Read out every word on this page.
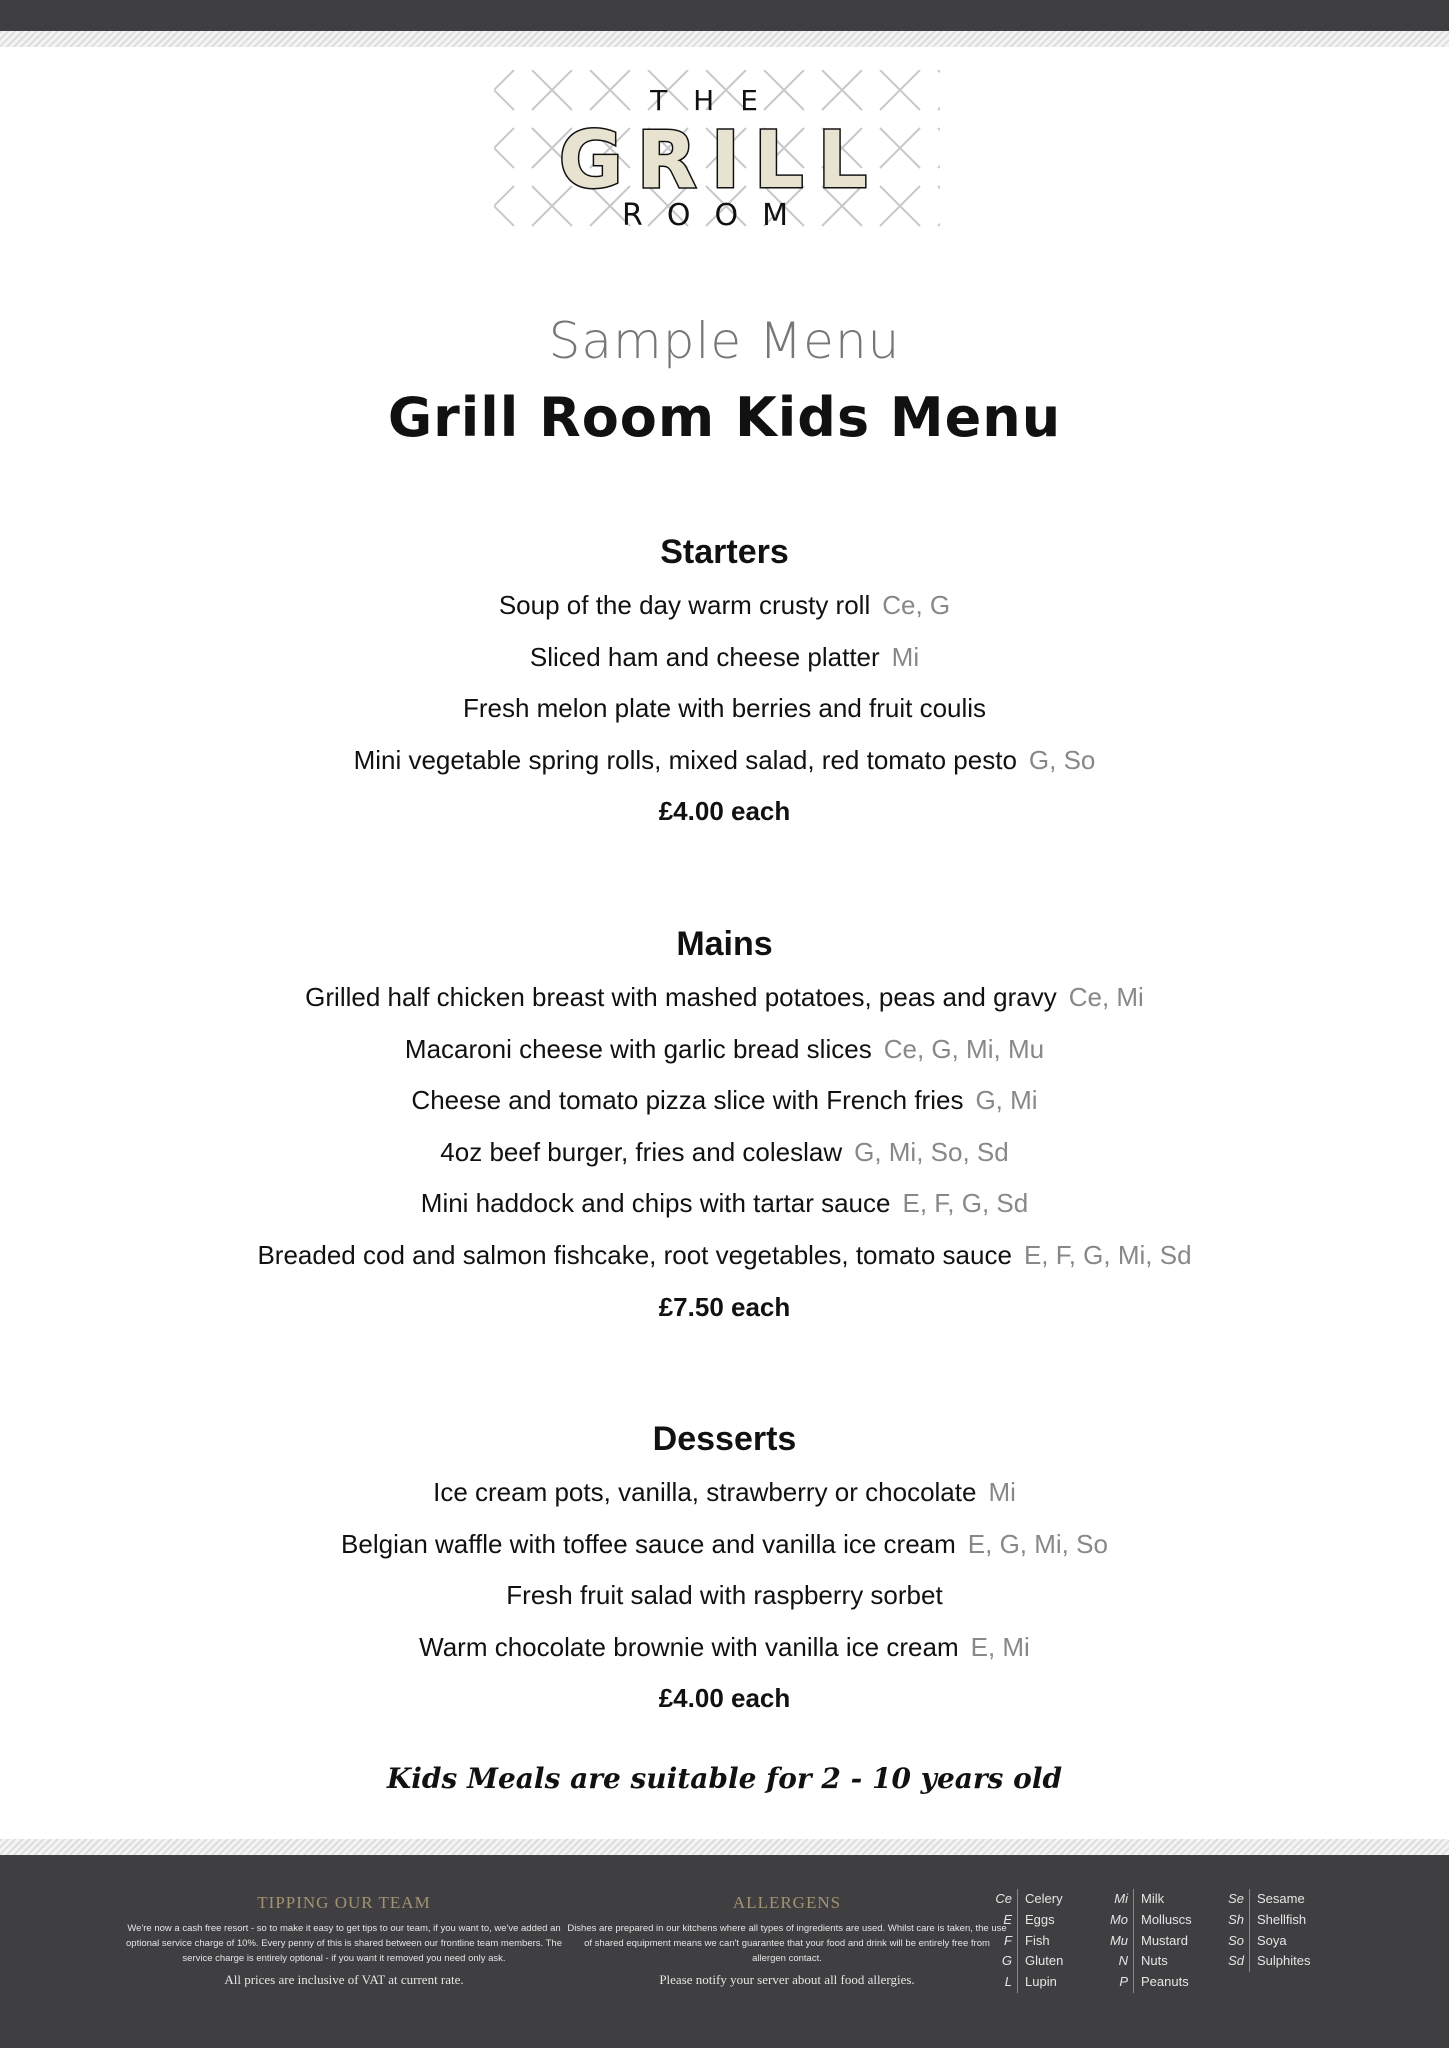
THE
GRILL
ROOM
Sample Menu
Grill Room Kids Menu
Starters
Soup of the day warm crusty roll Ce, G
Sliced ham and cheese platter Mi
Fresh melon plate with berries and fruit coulis
Mini vegetable spring rolls, mixed salad, red tomato pesto G, So
£4.00 each
Mains
Grilled half chicken breast with mashed potatoes, peas and gravy Ce, Mi
Macaroni cheese with garlic bread slices Ce, G, Mi, Mu
Cheese and tomato pizza slice with French fries G, Mi
4oz beef burger, fries and coleslaw G, Mi, So, Sd
Mini haddock and chips with tartar sauce E, F, G, Sd
Breaded cod and salmon fishcake, root vegetables, tomato sauce E, F, G, Mi, Sd
£7.50 each
Desserts
Ice cream pots, vanilla, strawberry or chocolate Mi
Belgian waffle with toffee sauce and vanilla ice cream E, G, Mi, So
Fresh fruit salad with raspberry sorbet
Warm chocolate brownie with vanilla ice cream E, Mi
£4.00 each
Kids Meals are suitable for 2 - 10 years old
TIPPING OUR TEAM
We're now a cash free resort - so to make it easy to get tips to our team, if you want to, we've added an optional service charge of 10%. Every penny of this is shared between our frontline team members. The service charge is entirely optional - if you want it removed you need only ask.
All prices are inclusive of VAT at current rate.
ALLERGENS
Dishes are prepared in our kitchens where all types of ingredients are used. Whilst care is taken, the use of shared equipment means we can't guarantee that your food and drink will be entirely free from allergen contact.
Please notify your server about all food allergies.
Ce	Celery
E	Eggs
F	Fish
G	Gluten
L	Lupin
Mi	Milk
Mo	Molluscs
Mu	Mustard
N	Nuts
P	Peanuts
Se	Sesame
Sh	Shellfish
So	Soya
Sd	Sulphites
